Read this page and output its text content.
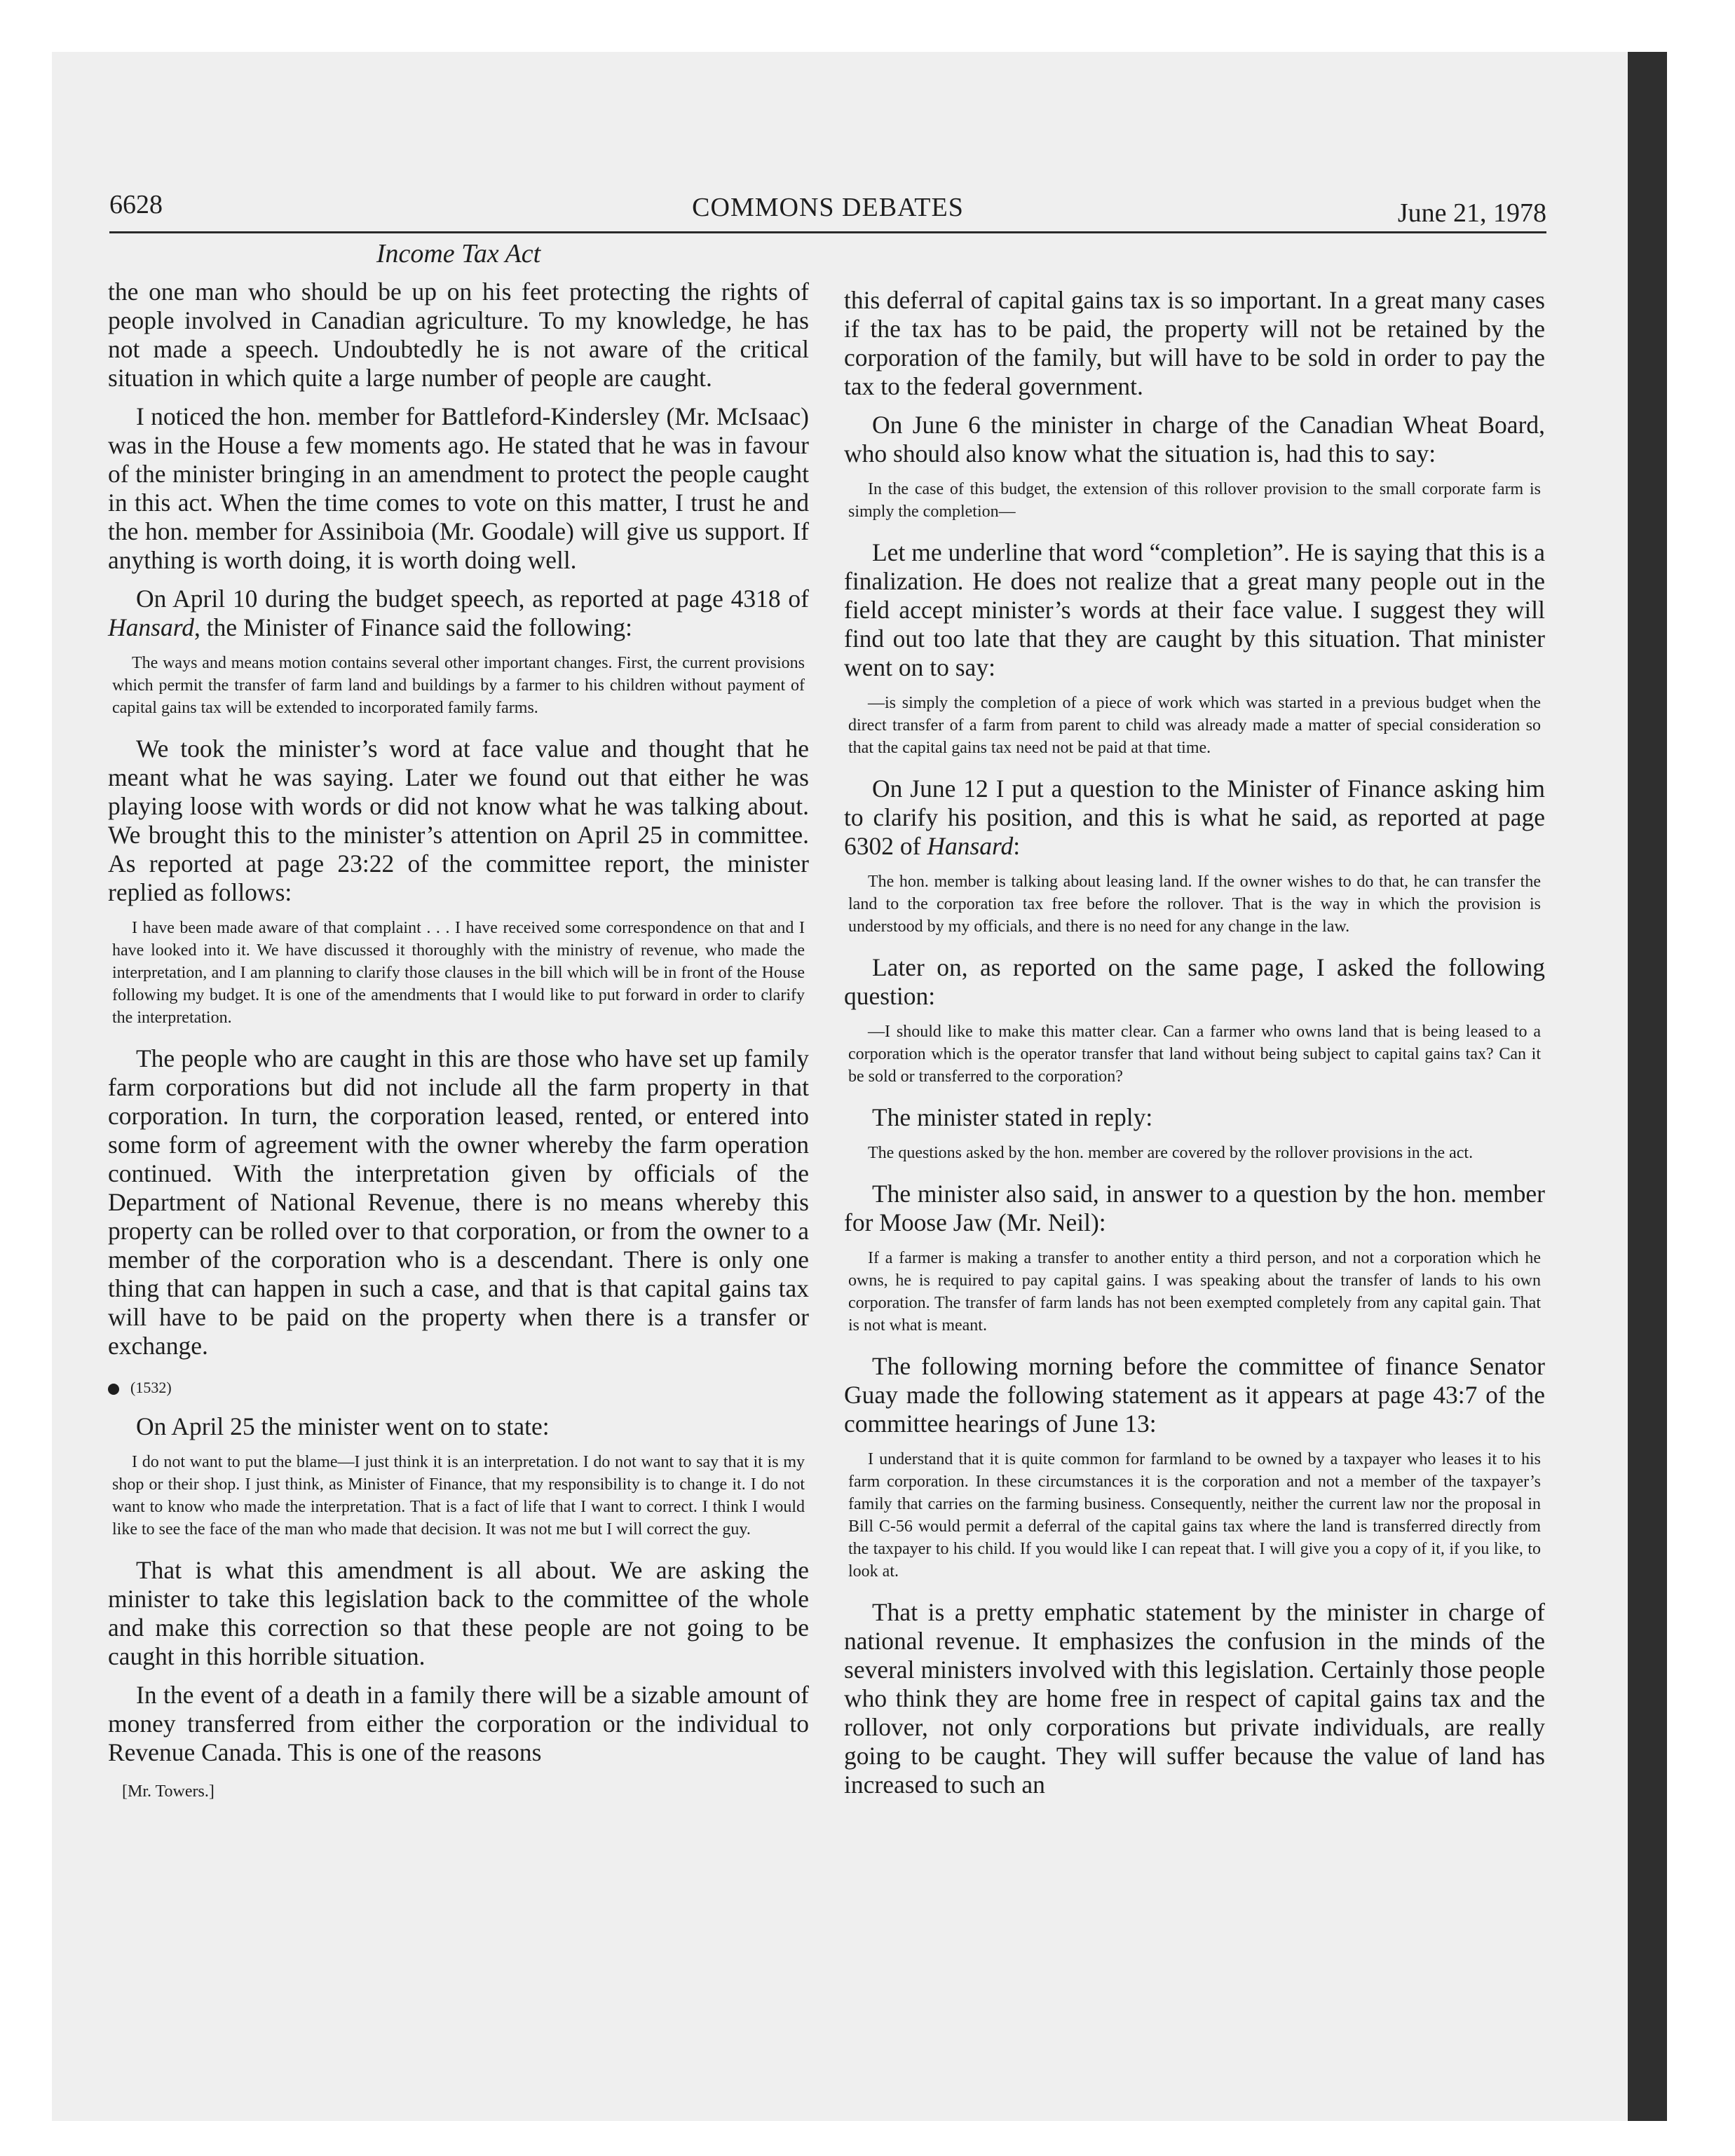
6628	COMMONS DEBATES	June 21, 1978
Income Tax Act

the one man who should be up on his feet protecting the rights of people involved in Canadian agriculture. To my knowledge, he has not made a speech. Undoubtedly he is not aware of the critical situation in which quite a large number of people are caught.

I noticed the hon. member for Battleford-Kindersley (Mr. McIsaac) was in the House a few moments ago. He stated that he was in favour of the minister bringing in an amendment to protect the people caught in this act. When the time comes to vote on this matter, I trust he and the hon. member for Assiniboia (Mr. Goodale) will give us support. If anything is worth doing, it is worth doing well.

On April 10 during the budget speech, as reported at page 4318 of Hansard, the Minister of Finance said the following:

The ways and means motion contains several other important changes. First, the current provisions which permit the transfer of farm land and buildings by a farmer to his children without payment of capital gains tax will be extended to incorporated family farms.

We took the minister’s word at face value and thought that he meant what he was saying. Later we found out that either he was playing loose with words or did not know what he was talking about. We brought this to the minister’s attention on April 25 in committee. As reported at page 23:22 of the committee report, the minister replied as follows:

I have been made aware of that complaint . . . I have received some correspondence on that and I have looked into it. We have discussed it thoroughly with the ministry of revenue, who made the interpretation, and I am planning to clarify those clauses in the bill which will be in front of the House following my budget. It is one of the amendments that I would like to put forward in order to clarify the interpretation.

The people who are caught in this are those who have set up family farm corporations but did not include all the farm property in that corporation. In turn, the corporation leased, rented, or entered into some form of agreement with the owner whereby the farm operation continued. With the interpretation given by officials of the Department of National Revenue, there is no means whereby this property can be rolled over to that corporation, or from the owner to a member of the corporation who is a descendant. There is only one thing that can happen in such a case, and that is that capital gains tax will have to be paid on the property when there is a transfer or exchange.

(1532)

On April 25 the minister went on to state:

I do not want to put the blame—I just think it is an interpretation. I do not want to say that it is my shop or their shop. I just think, as Minister of Finance, that my responsibility is to change it. I do not want to know who made the interpretation. That is a fact of life that I want to correct. I think I would like to see the face of the man who made that decision. It was not me but I will correct the guy.

That is what this amendment is all about. We are asking the minister to take this legislation back to the committee of the whole and make this correction so that these people are not going to be caught in this horrible situation.

In the event of a death in a family there will be a sizable amount of money transferred from either the corporation or the individual to Revenue Canada. This is one of the reasons

[Mr. Towers.]

this deferral of capital gains tax is so important. In a great many cases if the tax has to be paid, the property will not be retained by the corporation of the family, but will have to be sold in order to pay the tax to the federal government.

On June 6 the minister in charge of the Canadian Wheat Board, who should also know what the situation is, had this to say:

In the case of this budget, the extension of this rollover provision to the small corporate farm is simply the completion—

Let me underline that word “completion”. He is saying that this is a finalization. He does not realize that a great many people out in the field accept minister’s words at their face value. I suggest they will find out too late that they are caught by this situation. That minister went on to say:

—is simply the completion of a piece of work which was started in a previous budget when the direct transfer of a farm from parent to child was already made a matter of special consideration so that the capital gains tax need not be paid at that time.

On June 12 I put a question to the Minister of Finance asking him to clarify his position, and this is what he said, as reported at page 6302 of Hansard:

The hon. member is talking about leasing land. If the owner wishes to do that, he can transfer the land to the corporation tax free before the rollover. That is the way in which the provision is understood by my officials, and there is no need for any change in the law.

Later on, as reported on the same page, I asked the following question:

—I should like to make this matter clear. Can a farmer who owns land that is being leased to a corporation which is the operator transfer that land without being subject to capital gains tax? Can it be sold or transferred to the corporation?

The minister stated in reply:

The questions asked by the hon. member are covered by the rollover provisions in the act.

The minister also said, in answer to a question by the hon. member for Moose Jaw (Mr. Neil):

If a farmer is making a transfer to another entity a third person, and not a corporation which he owns, he is required to pay capital gains. I was speaking about the transfer of lands to his own corporation. The transfer of farm lands has not been exempted completely from any capital gain. That is not what is meant.

The following morning before the committee of finance Senator Guay made the following statement as it appears at page 43:7 of the committee hearings of June 13:

I understand that it is quite common for farmland to be owned by a taxpayer who leases it to his farm corporation. In these circumstances it is the corporation and not a member of the taxpayer’s family that carries on the farming business. Consequently, neither the current law nor the proposal in Bill C-56 would permit a deferral of the capital gains tax where the land is transferred directly from the taxpayer to his child. If you would like I can repeat that. I will give you a copy of it, if you like, to look at.

That is a pretty emphatic statement by the minister in charge of national revenue. It emphasizes the confusion in the minds of the several ministers involved with this legislation. Certainly those people who think they are home free in respect of capital gains tax and the rollover, not only corporations but private individuals, are really going to be caught. They will suffer because the value of land has increased to such an
